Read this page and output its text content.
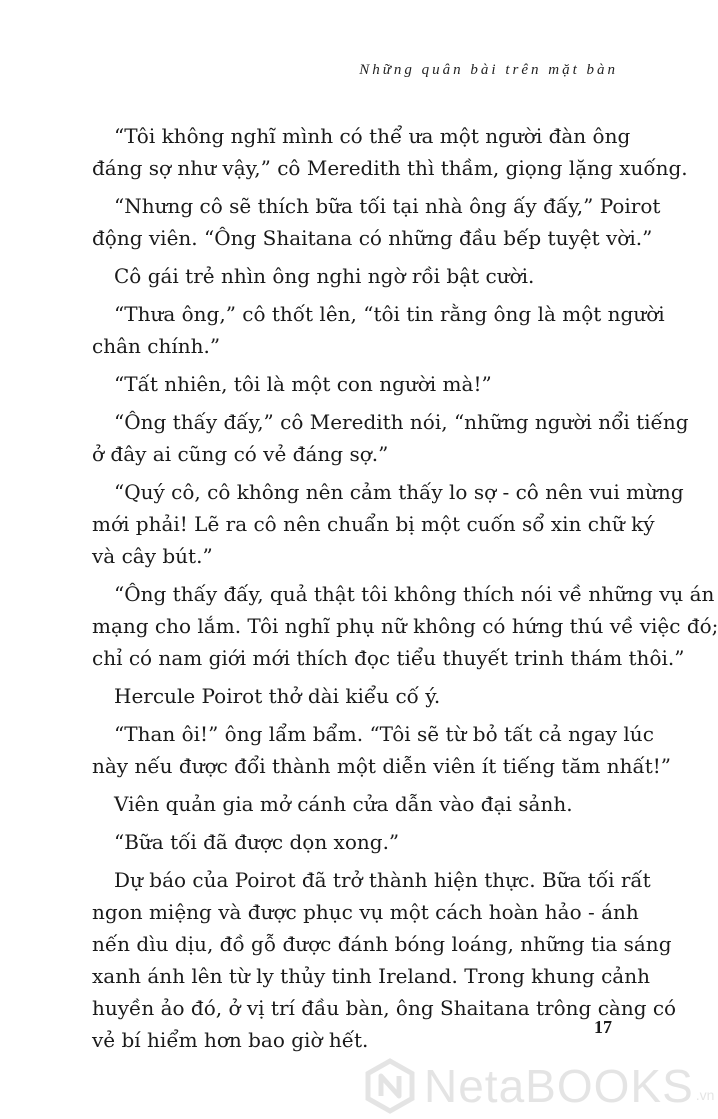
Những quân bài trên mặt bàn
“Tôi không nghĩ mình có thể ưa một người đàn ông
đáng sợ như vậy,” cô Meredith thì thầm, giọng lặng xuống.
“Nhưng cô sẽ thích bữa tối tại nhà ông ấy đấy,” Poirot
động viên. “Ông Shaitana có những đầu bếp tuyệt vời.”
Cô gái trẻ nhìn ông nghi ngờ rồi bật cười.
“Thưa ông,” cô thốt lên, “tôi tin rằng ông là một người
chân chính.”
“Tất nhiên, tôi là một con người mà!”
“Ông thấy đấy,” cô Meredith nói, “những người nổi tiếng
ở đây ai cũng có vẻ đáng sợ.”
“Quý cô, cô không nên cảm thấy lo sợ - cô nên vui mừng
mới phải! Lẽ ra cô nên chuẩn bị một cuốn sổ xin chữ ký
và cây bút.”
“Ông thấy đấy, quả thật tôi không thích nói về những vụ án
mạng cho lắm. Tôi nghĩ phụ nữ không có hứng thú về việc đó;
chỉ có nam giới mới thích đọc tiểu thuyết trinh thám thôi.”
Hercule Poirot thở dài kiểu cố ý.
“Than ôi!” ông lẩm bẩm. “Tôi sẽ từ bỏ tất cả ngay lúc
này nếu được đổi thành một diễn viên ít tiếng tăm nhất!”
Viên quản gia mở cánh cửa dẫn vào đại sảnh.
“Bữa tối đã được dọn xong.”
Dự báo của Poirot đã trở thành hiện thực. Bữa tối rất
ngon miệng và được phục vụ một cách hoàn hảo - ánh
nến dìu dịu, đồ gỗ được đánh bóng loáng, những tia sáng
xanh ánh lên từ ly thủy tinh Ireland. Trong khung cảnh
huyền ảo đó, ở vị trí đầu bàn, ông Shaitana trông càng có
vẻ bí hiểm hơn bao giờ hết.
17
NetaBOOKS .vn
